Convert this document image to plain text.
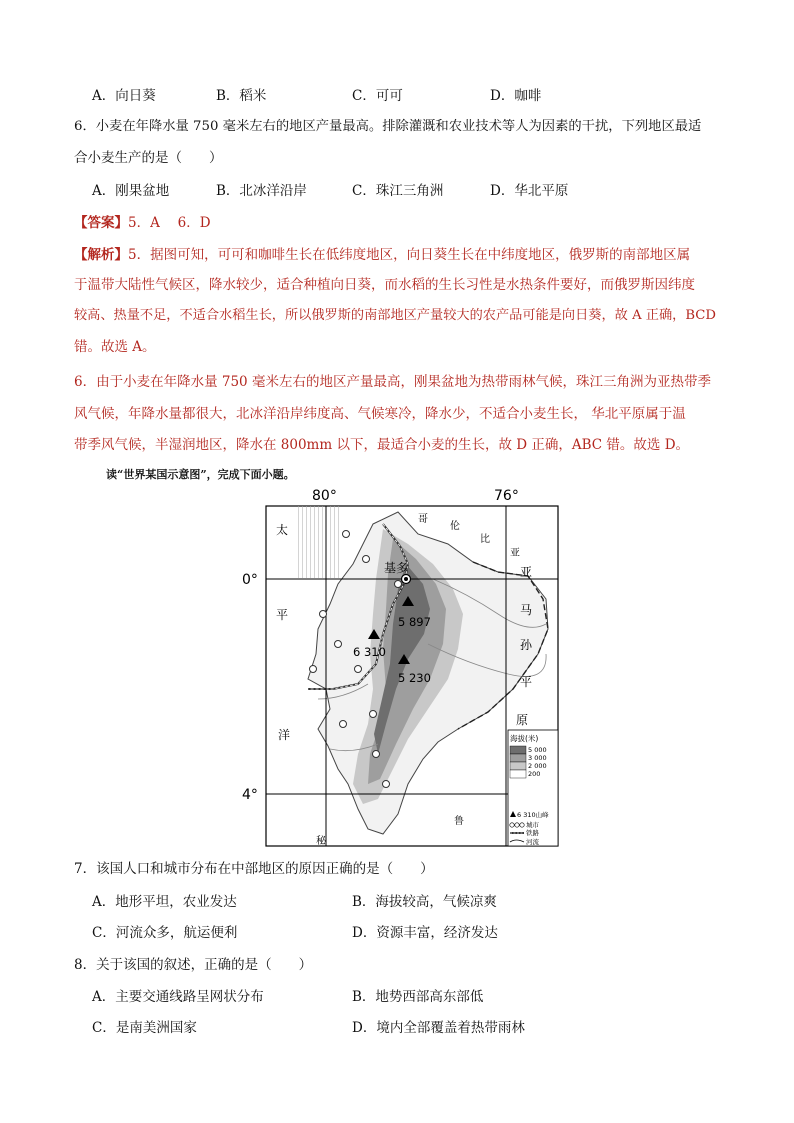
A．向日葵	B．稻米	C．可可	D．咖啡
6．小麦在年降水量 750 毫米左右的地区产量最高。排除灌溉和农业技术等人为因素的干扰，下列地区最适
合小麦生产的是（　　）
A．刚果盆地	B．北冰洋沿岸	C．珠江三角洲	D．华北平原
【答案】5．A　 6．D
【解析】5．据图可知，可可和咖啡生长在低纬度地区，向日葵生长在中纬度地区，俄罗斯的南部地区属
于温带大陆性气候区，降水较少，适合种植向日葵，而水稻的生长习性是水热条件要好，而俄罗斯因纬度
较高、热量不足，不适合水稻生长，所以俄罗斯的南部地区产量较大的农产品可能是向日葵，故 A 正确，BCD
错。故选 A。
6．由于小麦在年降水量 750 毫米左右的地区产量最高，刚果盆地为热带雨林气候，珠江三角洲为亚热带季
风气候，年降水量都很大，北冰洋沿岸纬度高、气候寒冷，降水少，不适合小麦生长， 华北平原属于温
带季风气候，半湿润地区，降水在 800mm 以下，最适合小麦的生长，故 D 正确，ABC 错。故选 D。
读“世界某国示意图”，完成下面小题。
80°	76°
0°
4°
太
平
洋
哥
伦
比
亚
亚
马
孙
平
原
秘
鲁
基多
5 897
6 310
5 230
海拔(米)
5 000
3 000
2 000
200
6 310山峰
城市
铁路
河流
7．该国人口和城市分布在中部地区的原因正确的是（　　）
A．地形平坦，农业发达	B．海拔较高，气候凉爽
C．河流众多，航运便利	D．资源丰富，经济发达
8．关于该国的叙述，正确的是（　　）
A．主要交通线路呈网状分布	B．地势西部高东部低
C．是南美洲国家	D．境内全部覆盖着热带雨林
